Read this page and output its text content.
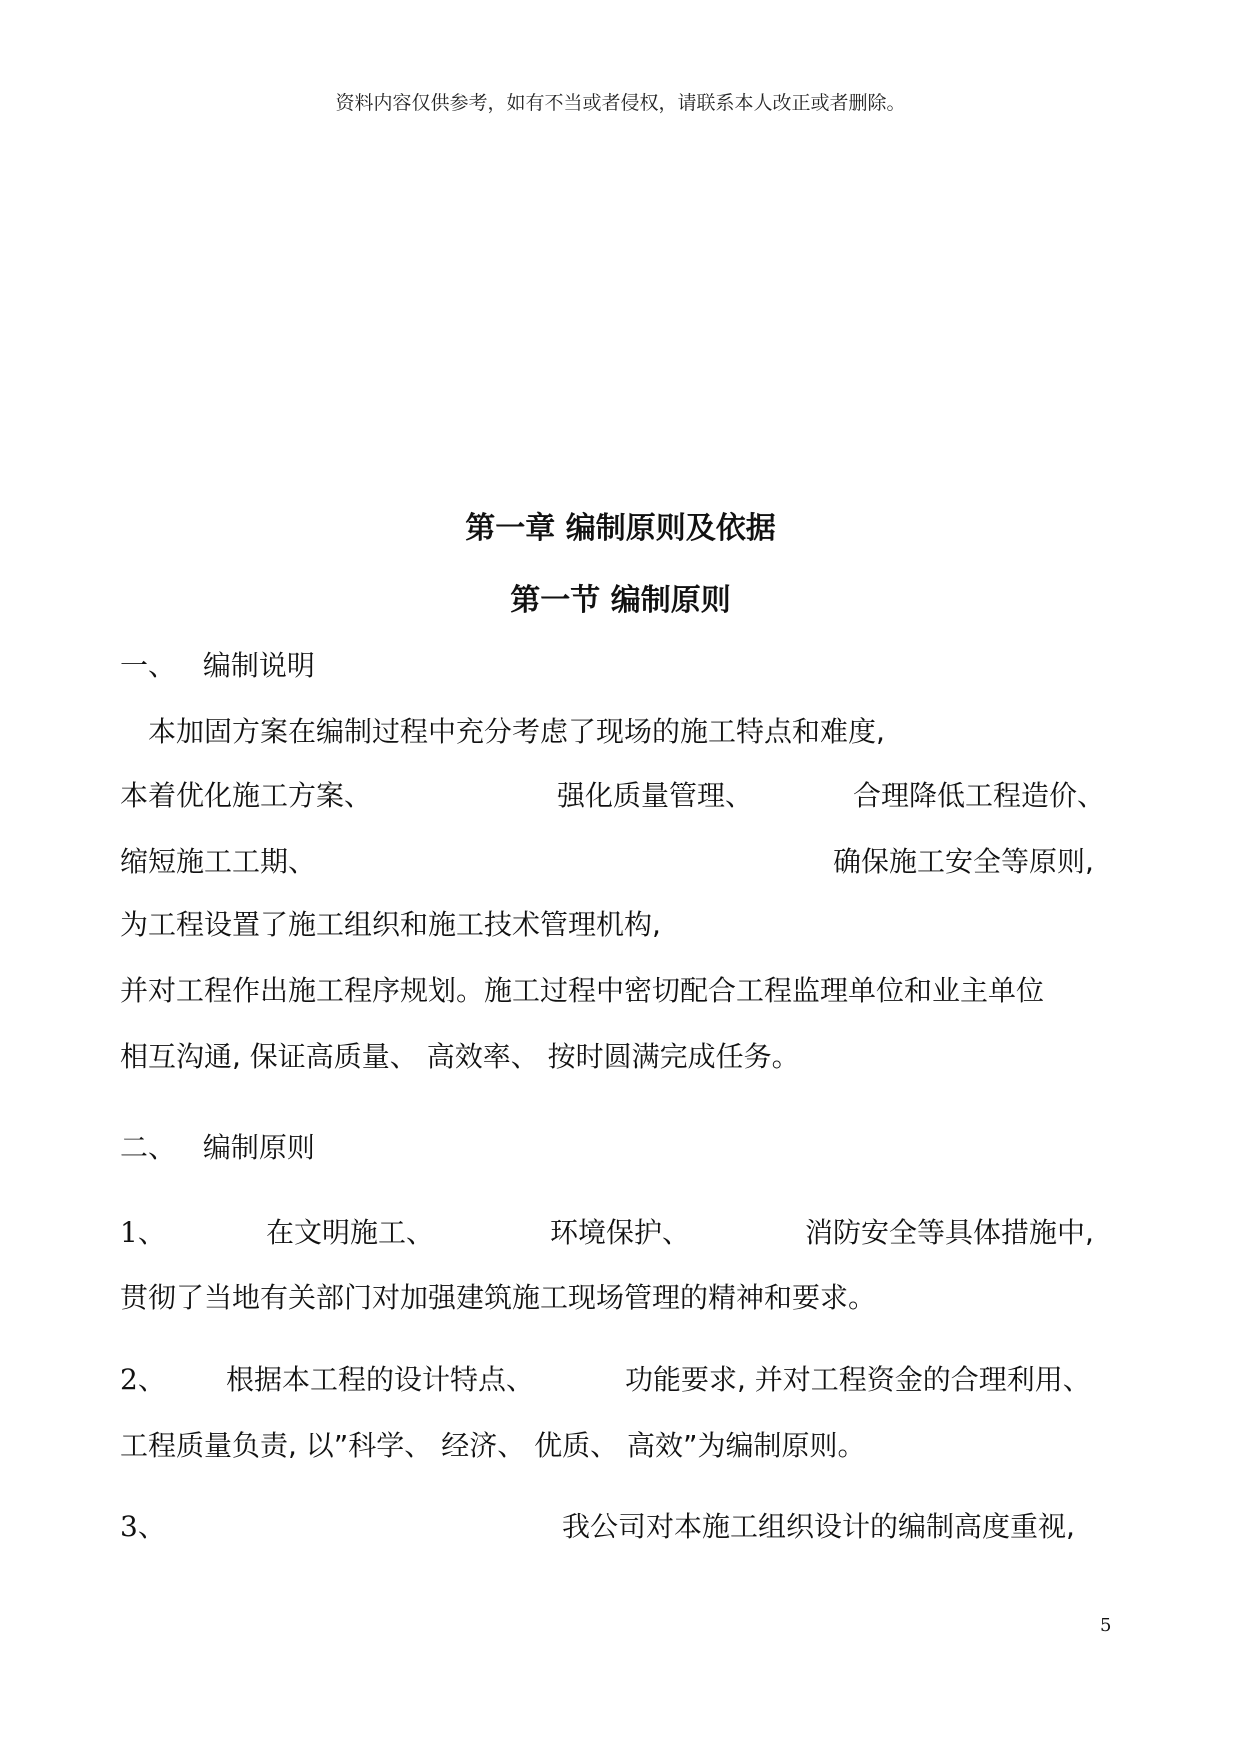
资料内容仅供参考，如有不当或者侵权，请联系本人改正或者删除。
第一章 编制原则及依据
第一节 编制原则
一、 编制说明
本加固方案在编制过程中充分考虑了现场的施工特点和难度,
本着优化施工方案、	强化质量管理、	合理降低工程造价、
缩短施工工期、	确保施工安全等原则,
为工程设置了施工组织和施工技术管理机构,
并对工程作出施工程序规划。施工过程中密切配合工程监理单位和业主单位
相互沟通, 保证高质量、 高效率、 按时圆满完成任务。
二、 编制原则
1、	在文明施工、	环境保护、	消防安全等具体措施中,
贯彻了当地有关部门对加强建筑施工现场管理的精神和要求。
2、 根据本工程的设计特点、	功能要求, 并对工程资金的合理利用、
工程质量负责, 以”科学、 经济、 优质、 高效”为编制原则。
3、	我公司对本施工组织设计的编制高度重视,
5
